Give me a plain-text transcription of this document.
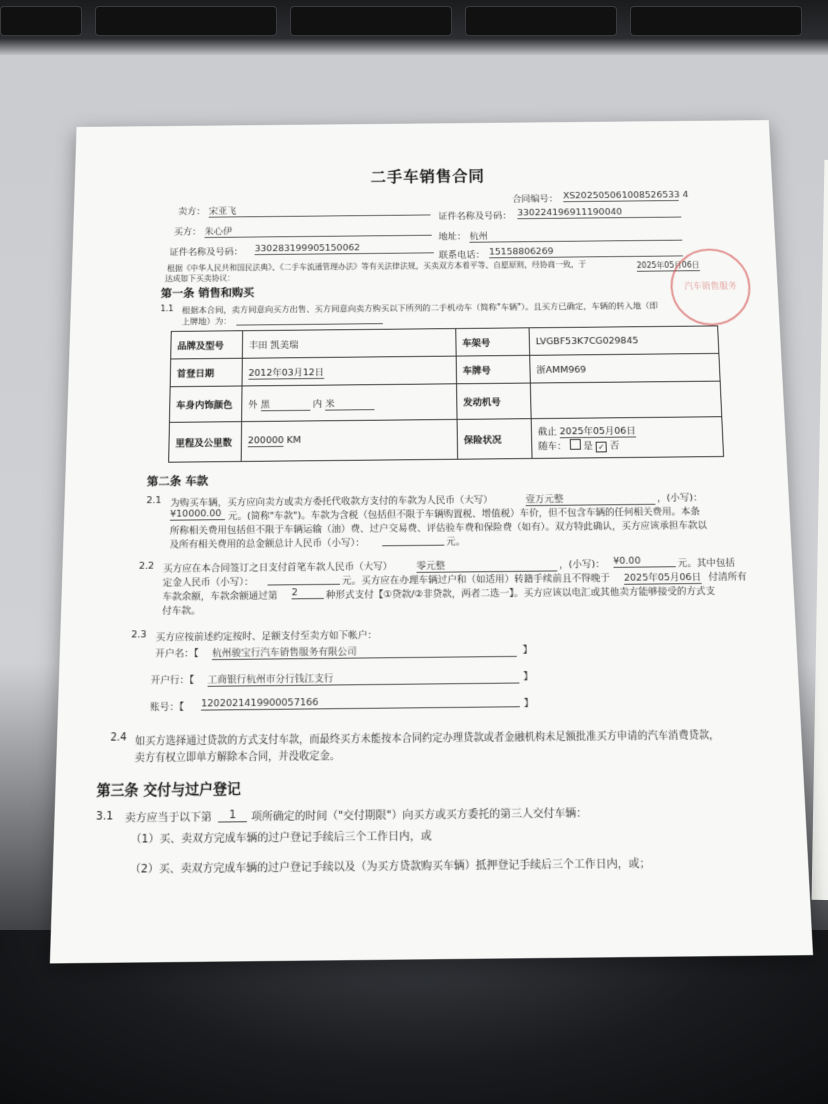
二手车销售合同
合同编号： XS202505061008526533 4
卖方： 宋亚飞	证件名称及号码： 330224196911190040
买方： 朱心伊	地址： 杭州
证件名称及号码： 330283199905150062
联系电话： 15158806269
根据《中华人民共和国民法典》、《二手车流通管理办法》等有关法律法规，买卖双方本着平等、自愿原则，经协商一致，于	2025年05月06日
达成如下买卖协议：
第一条 销售和购买
1.1 根据本合同，卖方同意向买方出售、买方同意向卖方购买以下所列的二手机动车（简称"车辆"）。且买方已确定，车辆的转入地（即
上牌地）为：
品牌及型号	丰田 凯美瑞	车架号	LVGBF53K7CG029845
首登日期	2012年03月12日	车牌号	浙AMM969
车身内饰颜色	外 黑 内 米	发动机号	
里程及公里数	200000 KM	保险状况	截止 2025年05月06日
随车： 是 ✓ 否
第二条 车款
2.1 为购买车辆，买方应向卖方或卖方委托代收款方支付的车款为人民币（大写）	壹万元整	，(小写)：
¥10000.00 元。(简称"车款")。车款为含税（包括但不限于车辆购置税、增值税）车价，但不包含车辆的任何相关费用。本条
所称相关费用包括但不限于车辆运输（油）费、过户交易费、评估验车费和保险费（如有）。双方特此确认，买方应该承担车款以
及所有相关费用的总金额总计人民币（小写）：	元。
2.2 买方应在本合同签订之日支付首笔车款人民币（大写）	零元整	，(小写)： ¥0.00	元。其中包括
定金人民币（小写）：	元。买方应在办理车辆过户和（如适用）转籍手续前且不得晚于 2025年05月06日 付清所有
车款余额，车款余额通过第 2	种形式支付【①贷款/②非贷款，两者二选一】。买方应该以电汇或其他卖方能够接受的方式支
付车款。
2.3 买方应按前述约定按时、足额支付至卖方如下帐户：
开户名：【 杭州骏宝行汽车销售服务有限公司	】
开户行：【 工商银行杭州市分行钱江支行	】
账号：【 1202021419900057166	】
2.4 如买方选择通过贷款的方式支付车款，而最终买方未能按本合同约定办理贷款或者金融机构未足额批准买方申请的汽车消费贷款，
卖方有权立即单方解除本合同，并没收定金。
第三条 交付与过户登记
3.1 卖方应当于以下第	1	项所确定的时间（"交付期限"）向买方或买方委托的第三人交付车辆：
（1）买、卖双方完成车辆的过户登记手续后三个工作日内，或
（2）买、卖双方完成车辆的过户登记手续以及（为买方贷款购买车辆）抵押登记手续后三个工作日内，或；
汽车销售服务
